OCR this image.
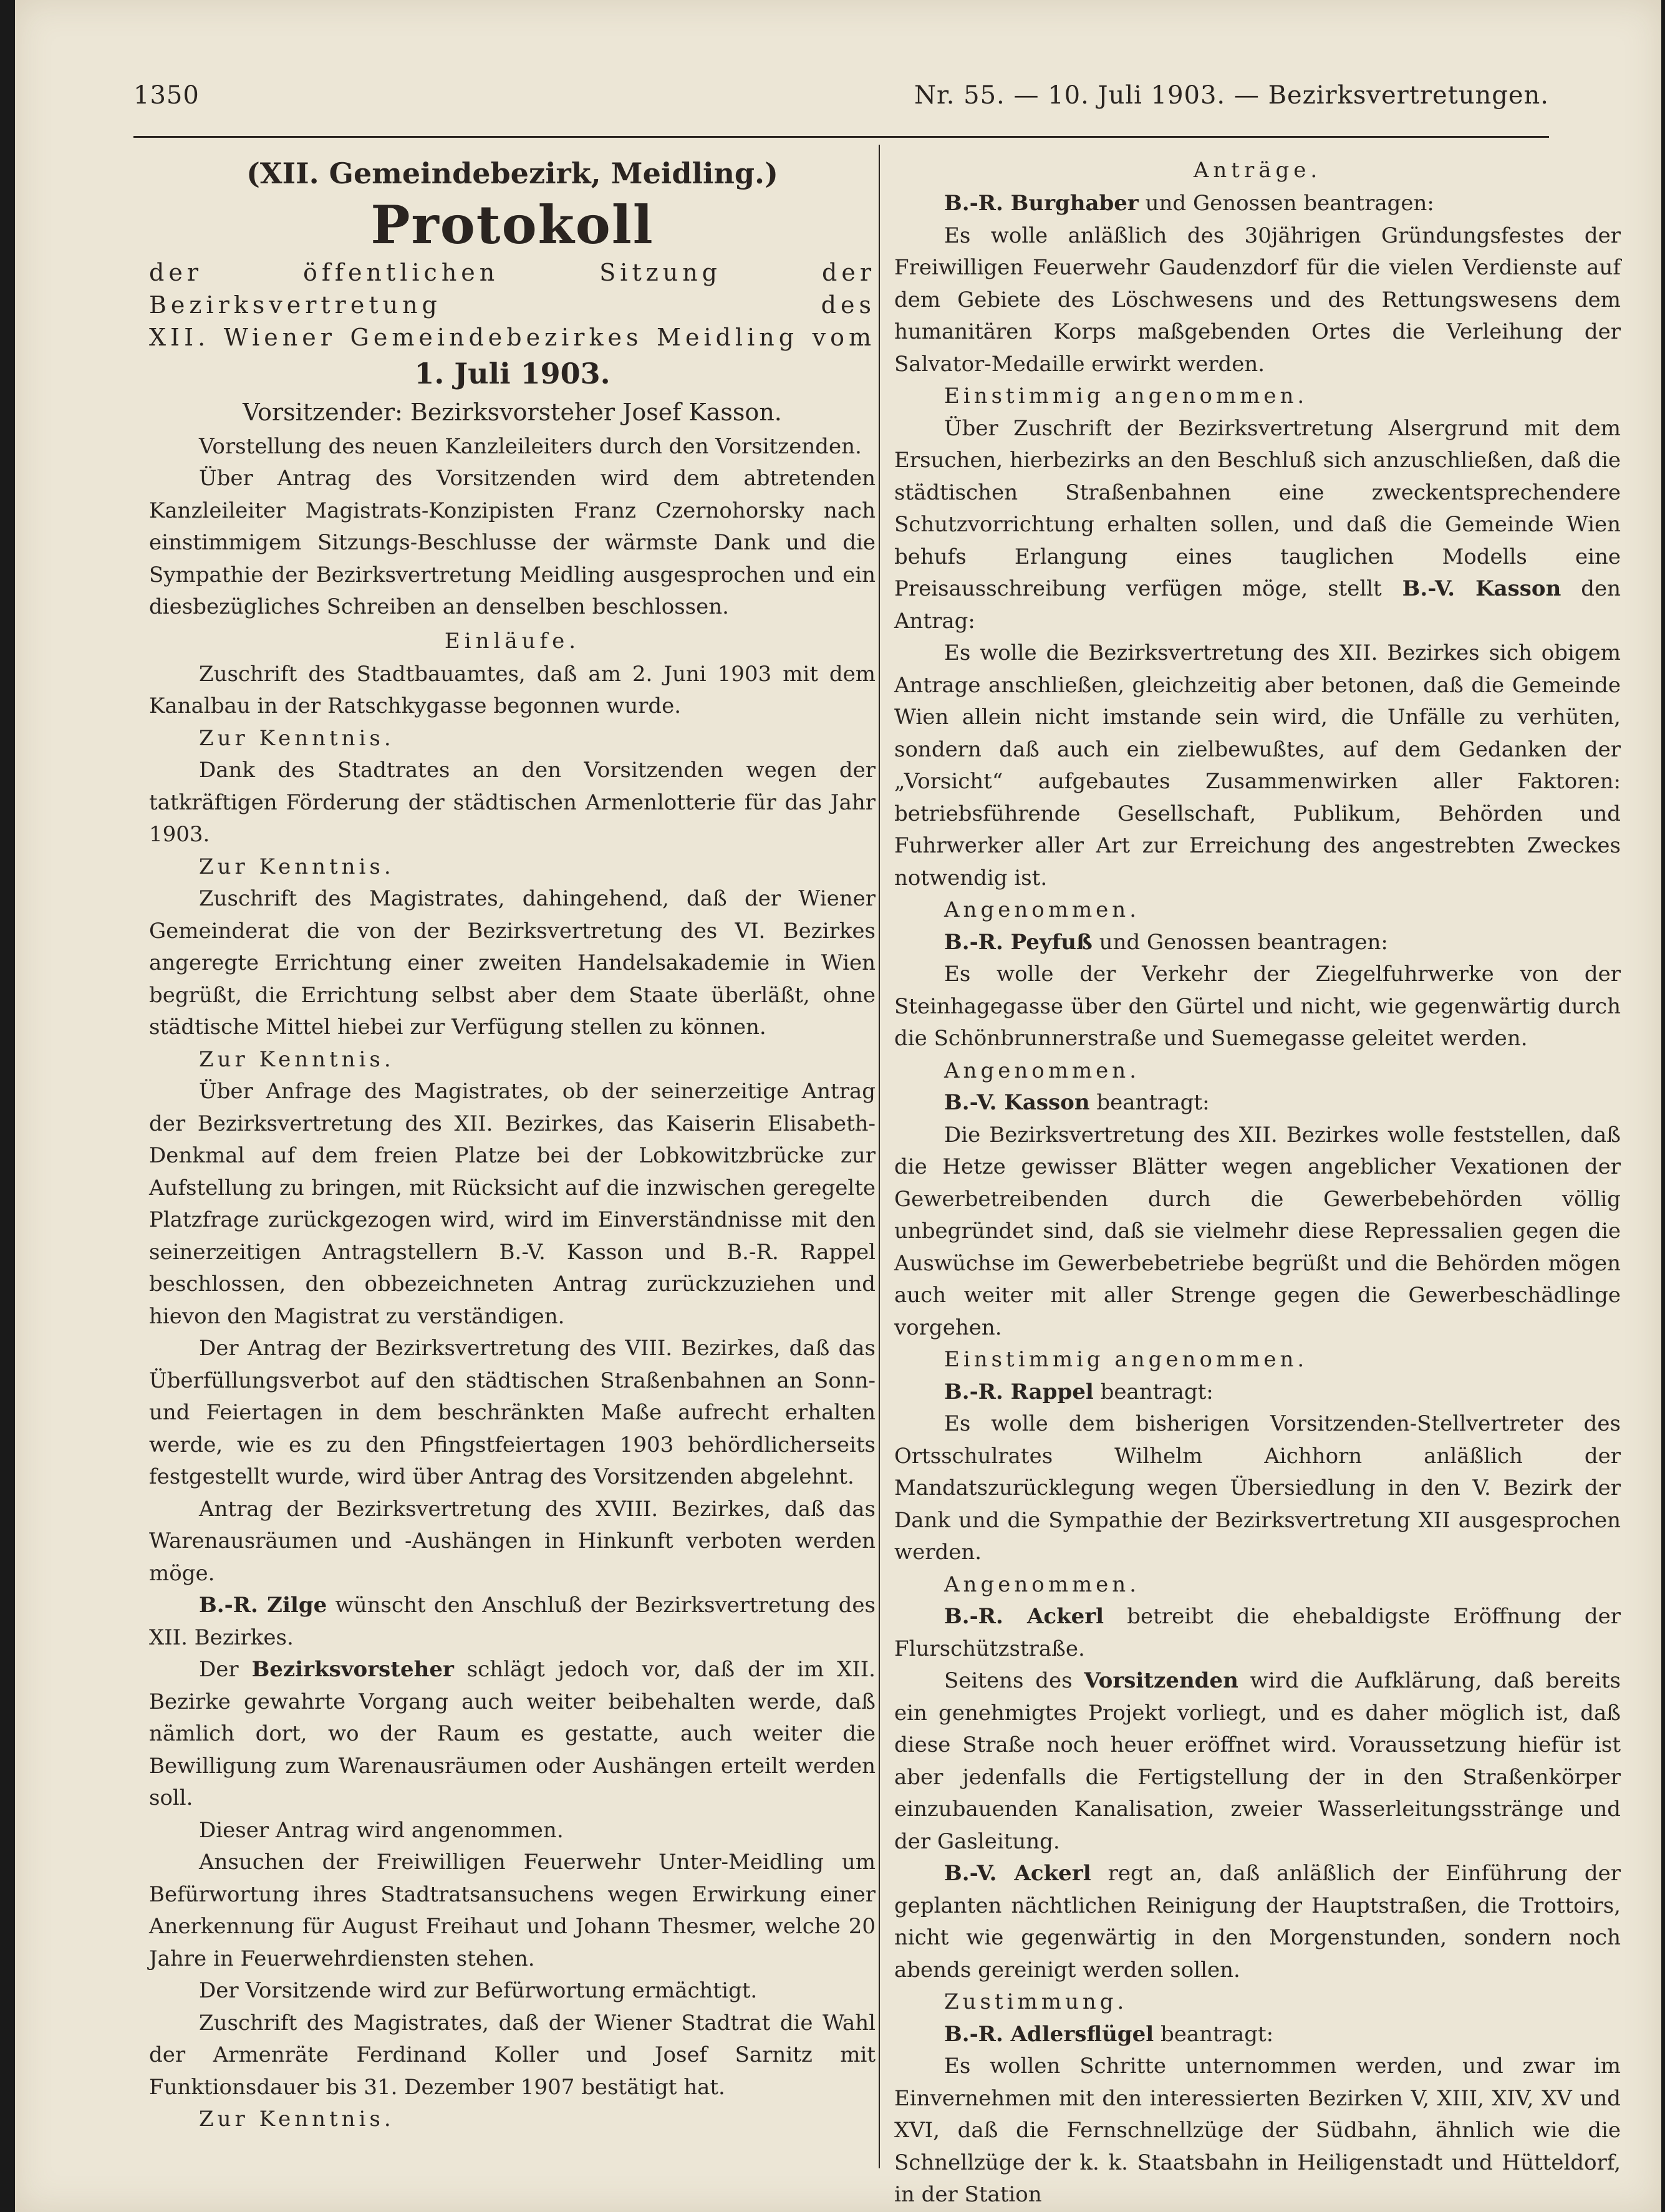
1350	Nr. 55. — 10. Juli 1903. — Bezirksvertretungen.

(XII. Gemeindebezirk, Meidling.)

Protokoll

der öffentlichen Sitzung der Bezirksvertretung des

XII. Wiener Gemeindebezirkes Meidling vom

1. Juli 1903.

Vorsitzender: Bezirksvorsteher Josef Kasson.

Vorstellung des neuen Kanzleileiters durch den Vorsitzenden.

Über Antrag des Vorsitzenden wird dem abtretenden Kanzleileiter Magistrats-Konzipisten Franz Czernohorsky nach einstimmigem Sitzungs-Beschlusse der wärmste Dank und die Sympathie der Bezirksvertretung Meidling ausgesprochen und ein diesbezügliches Schreiben an denselben beschlossen.

Einläufe.

Zuschrift des Stadtbauamtes, daß am 2. Juni 1903 mit dem Kanalbau in der Ratschkygasse begonnen wurde.

Zur Kenntnis.

Dank des Stadtrates an den Vorsitzenden wegen der tatkräftigen Förderung der städtischen Armenlotterie für das Jahr 1903.

Zur Kenntnis.

Zuschrift des Magistrates, dahingehend, daß der Wiener Gemeinderat die von der Bezirksvertretung des VI. Bezirkes angeregte Errichtung einer zweiten Handelsakademie in Wien begrüßt, die Errichtung selbst aber dem Staate überläßt, ohne städtische Mittel hiebei zur Verfügung stellen zu können.

Zur Kenntnis.

Über Anfrage des Magistrates, ob der seinerzeitige Antrag der Bezirksvertretung des XII. Bezirkes, das Kaiserin Elisabeth-Denkmal auf dem freien Platze bei der Lobkowitzbrücke zur Aufstellung zu bringen, mit Rücksicht auf die inzwischen geregelte Platzfrage zurückgezogen wird, wird im Einverständnisse mit den seinerzeitigen Antragstellern B.-V. Kasson und B.-R. Rappel beschlossen, den obbezeichneten Antrag zurückzuziehen und hievon den Magistrat zu verständigen.

Der Antrag der Bezirksvertretung des VIII. Bezirkes, daß das Überfüllungsverbot auf den städtischen Straßenbahnen an Sonn- und Feiertagen in dem beschränkten Maße aufrecht erhalten werde, wie es zu den Pfingstfeiertagen 1903 behördlicherseits festgestellt wurde, wird über Antrag des Vorsitzenden abgelehnt.

Antrag der Bezirksvertretung des XVIII. Bezirkes, daß das Warenausräumen und -Aushängen in Hinkunft verboten werden möge.

B.-R. Zilge wünscht den Anschluß der Bezirksvertretung des XII. Bezirkes.

Der Bezirksvorsteher schlägt jedoch vor, daß der im XII. Bezirke gewahrte Vorgang auch weiter beibehalten werde, daß nämlich dort, wo der Raum es gestatte, auch weiter die Bewilligung zum Warenausräumen oder Aushängen erteilt werden soll.

Dieser Antrag wird angenommen.

Ansuchen der Freiwilligen Feuerwehr Unter-Meidling um Befürwortung ihres Stadtratsansuchens wegen Erwirkung einer Anerkennung für August Freihaut und Johann Thesmer, welche 20 Jahre in Feuerwehrdiensten stehen.

Der Vorsitzende wird zur Befürwortung ermächtigt.

Zuschrift des Magistrates, daß der Wiener Stadtrat die Wahl der Armenräte Ferdinand Koller und Josef Sarnitz mit Funktionsdauer bis 31. Dezember 1907 bestätigt hat.

Zur Kenntnis.

Anträge.

B.-R. Burghaber und Genossen beantragen:

Es wolle anläßlich des 30jährigen Gründungsfestes der Freiwilligen Feuerwehr Gaudenzdorf für die vielen Verdienste auf dem Gebiete des Löschwesens und des Rettungswesens dem humanitären Korps maßgebenden Ortes die Verleihung der Salvator-Medaille erwirkt werden.

Einstimmig angenommen.

Über Zuschrift der Bezirksvertretung Alsergrund mit dem Ersuchen, hierbezirks an den Beschluß sich anzuschließen, daß die städtischen Straßenbahnen eine zweckentsprechendere Schutzvorrichtung erhalten sollen, und daß die Gemeinde Wien behufs Erlangung eines tauglichen Modells eine Preisausschreibung verfügen möge, stellt B.-V. Kasson den Antrag:

Es wolle die Bezirksvertretung des XII. Bezirkes sich obigem Antrage anschließen, gleichzeitig aber betonen, daß die Gemeinde Wien allein nicht imstande sein wird, die Unfälle zu verhüten, sondern daß auch ein zielbewußtes, auf dem Gedanken der „Vorsicht“ aufgebautes Zusammenwirken aller Faktoren: betriebsführende Gesellschaft, Publikum, Behörden und Fuhrwerker aller Art zur Erreichung des angestrebten Zweckes notwendig ist.

Angenommen.

B.-R. Peyfuß und Genossen beantragen:

Es wolle der Verkehr der Ziegelfuhrwerke von der Steinhagegasse über den Gürtel und nicht, wie gegenwärtig durch die Schönbrunnerstraße und Suemegasse geleitet werden.

Angenommen.

B.-V. Kasson beantragt:

Die Bezirksvertretung des XII. Bezirkes wolle feststellen, daß die Hetze gewisser Blätter wegen angeblicher Vexationen der Gewerbetreibenden durch die Gewerbebehörden völlig unbegründet sind, daß sie vielmehr diese Repressalien gegen die Auswüchse im Gewerbebetriebe begrüßt und die Behörden mögen auch weiter mit aller Strenge gegen die Gewerbeschädlinge vorgehen.

Einstimmig angenommen.

B.-R. Rappel beantragt:

Es wolle dem bisherigen Vorsitzenden-Stellvertreter des Ortsschulrates Wilhelm Aichhorn anläßlich der Mandatszurücklegung wegen Übersiedlung in den V. Bezirk der Dank und die Sympathie der Bezirksvertretung XII ausgesprochen werden.

Angenommen.

B.-R. Ackerl betreibt die ehebaldigste Eröffnung der Flurschützstraße.

Seitens des Vorsitzenden wird die Aufklärung, daß bereits ein genehmigtes Projekt vorliegt, und es daher möglich ist, daß diese Straße noch heuer eröffnet wird. Voraussetzung hiefür ist aber jedenfalls die Fertigstellung der in den Straßenkörper einzubauenden Kanalisation, zweier Wasserleitungsstränge und der Gasleitung.

B.-V. Ackerl regt an, daß anläßlich der Einführung der geplanten nächtlichen Reinigung der Hauptstraßen, die Trottoirs, nicht wie gegenwärtig in den Morgenstunden, sondern noch abends gereinigt werden sollen.

Zustimmung.

B.-R. Adlersflügel beantragt:

Es wollen Schritte unternommen werden, und zwar im Einvernehmen mit den interessierten Bezirken V, XIII, XIV, XV und XVI, daß die Fernschnellzüge der Südbahn, ähnlich wie die Schnellzüge der k. k. Staatsbahn in Heiligenstadt und Hütteldorf, in der Station
